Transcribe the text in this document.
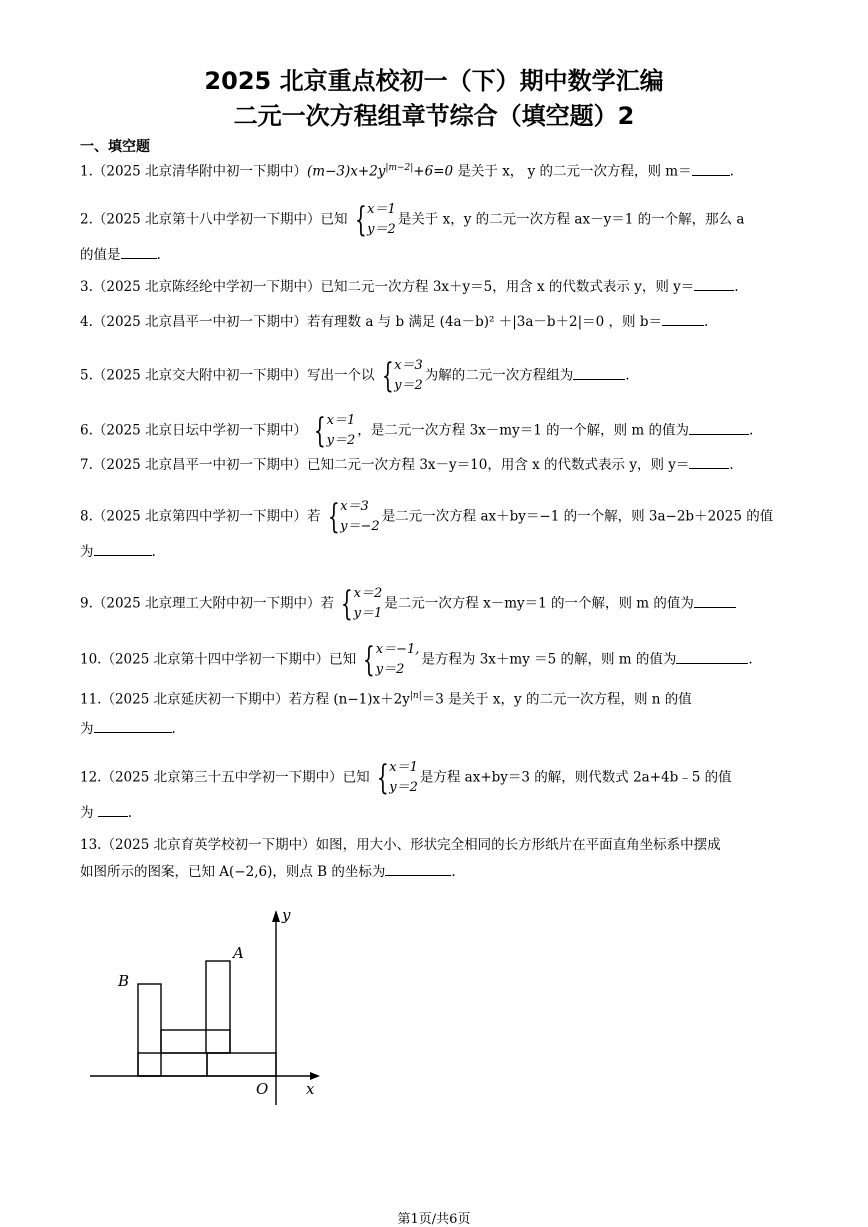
2025 北京重点校初一（下）期中数学汇编
二元一次方程组章节综合（填空题）2
一、填空题
1.（2025 北京清华附中初一下期中）$(m-3)x+2y^{|m-2|}+6=0$ 是关于 x， y 的二元一次方程，则 m＝	.
2.（2025 北京第十八中学初一下期中）已知 { x＝1
y＝2
是关于 x，y 的二元一次方程 ax－y＝1 的一个解，那么 a
的值是	.
3.（2025 北京陈经纶中学初一下期中）已知二元一次方程 3x＋y＝5，用含 x 的代数式表示 y，则 y＝	.
4.（2025 北京昌平一中初一下期中）若有理数 a 与 b 满足 (4a－b)² ＋|3a－b＋2|＝0 ，则 b＝	.
5.（2025 北京交大附中初一下期中）写出一个以 { x＝3
y＝2
为解的二元一次方程组为	.
6.（2025 北京日坛中学初一下期中） { x＝1
y＝2
，是二元一次方程 3x－my＝1 的一个解，则 m 的值为	.
7.（2025 北京昌平一中初一下期中）已知二元一次方程 3x－y＝10，用含 x 的代数式表示 y，则 y＝	.
8.（2025 北京第四中学初一下期中）若 { x＝3
y＝−2
是二元一次方程 ax＋by＝−1 的一个解，则 3a−2b＋2025 的值
为	.
9.（2025 北京理工大附中初一下期中）若 { x＝2
y＝1
是二元一次方程 x－my＝1 的一个解，则 m 的值为
10.（2025 北京第十四中学初一下期中）已知 { x＝−1,
y＝2
是方程为 3x＋my ＝5 的解，则 m 的值为	.
11.（2025 北京延庆初一下期中）若方程 $(n-1)x+2y^{|n|}=3$ 是关于 x，y 的二元一次方程，则 n 的值
为	.
12.（2025 北京第三十五中学初一下期中）已知 { x＝1
y＝2
是方程 ax+by＝3 的解，则代数式 2a+4b﹣5 的值
为 .
13.（2025 北京育英学校初一下期中）如图，用大小、形状完全相同的长方形纸片在平面直角坐标系中摆成
如图所示的图案，已知 A(−2,6)，则点 B 的坐标为	.
A
B
y
x
O
第1页/共6页
